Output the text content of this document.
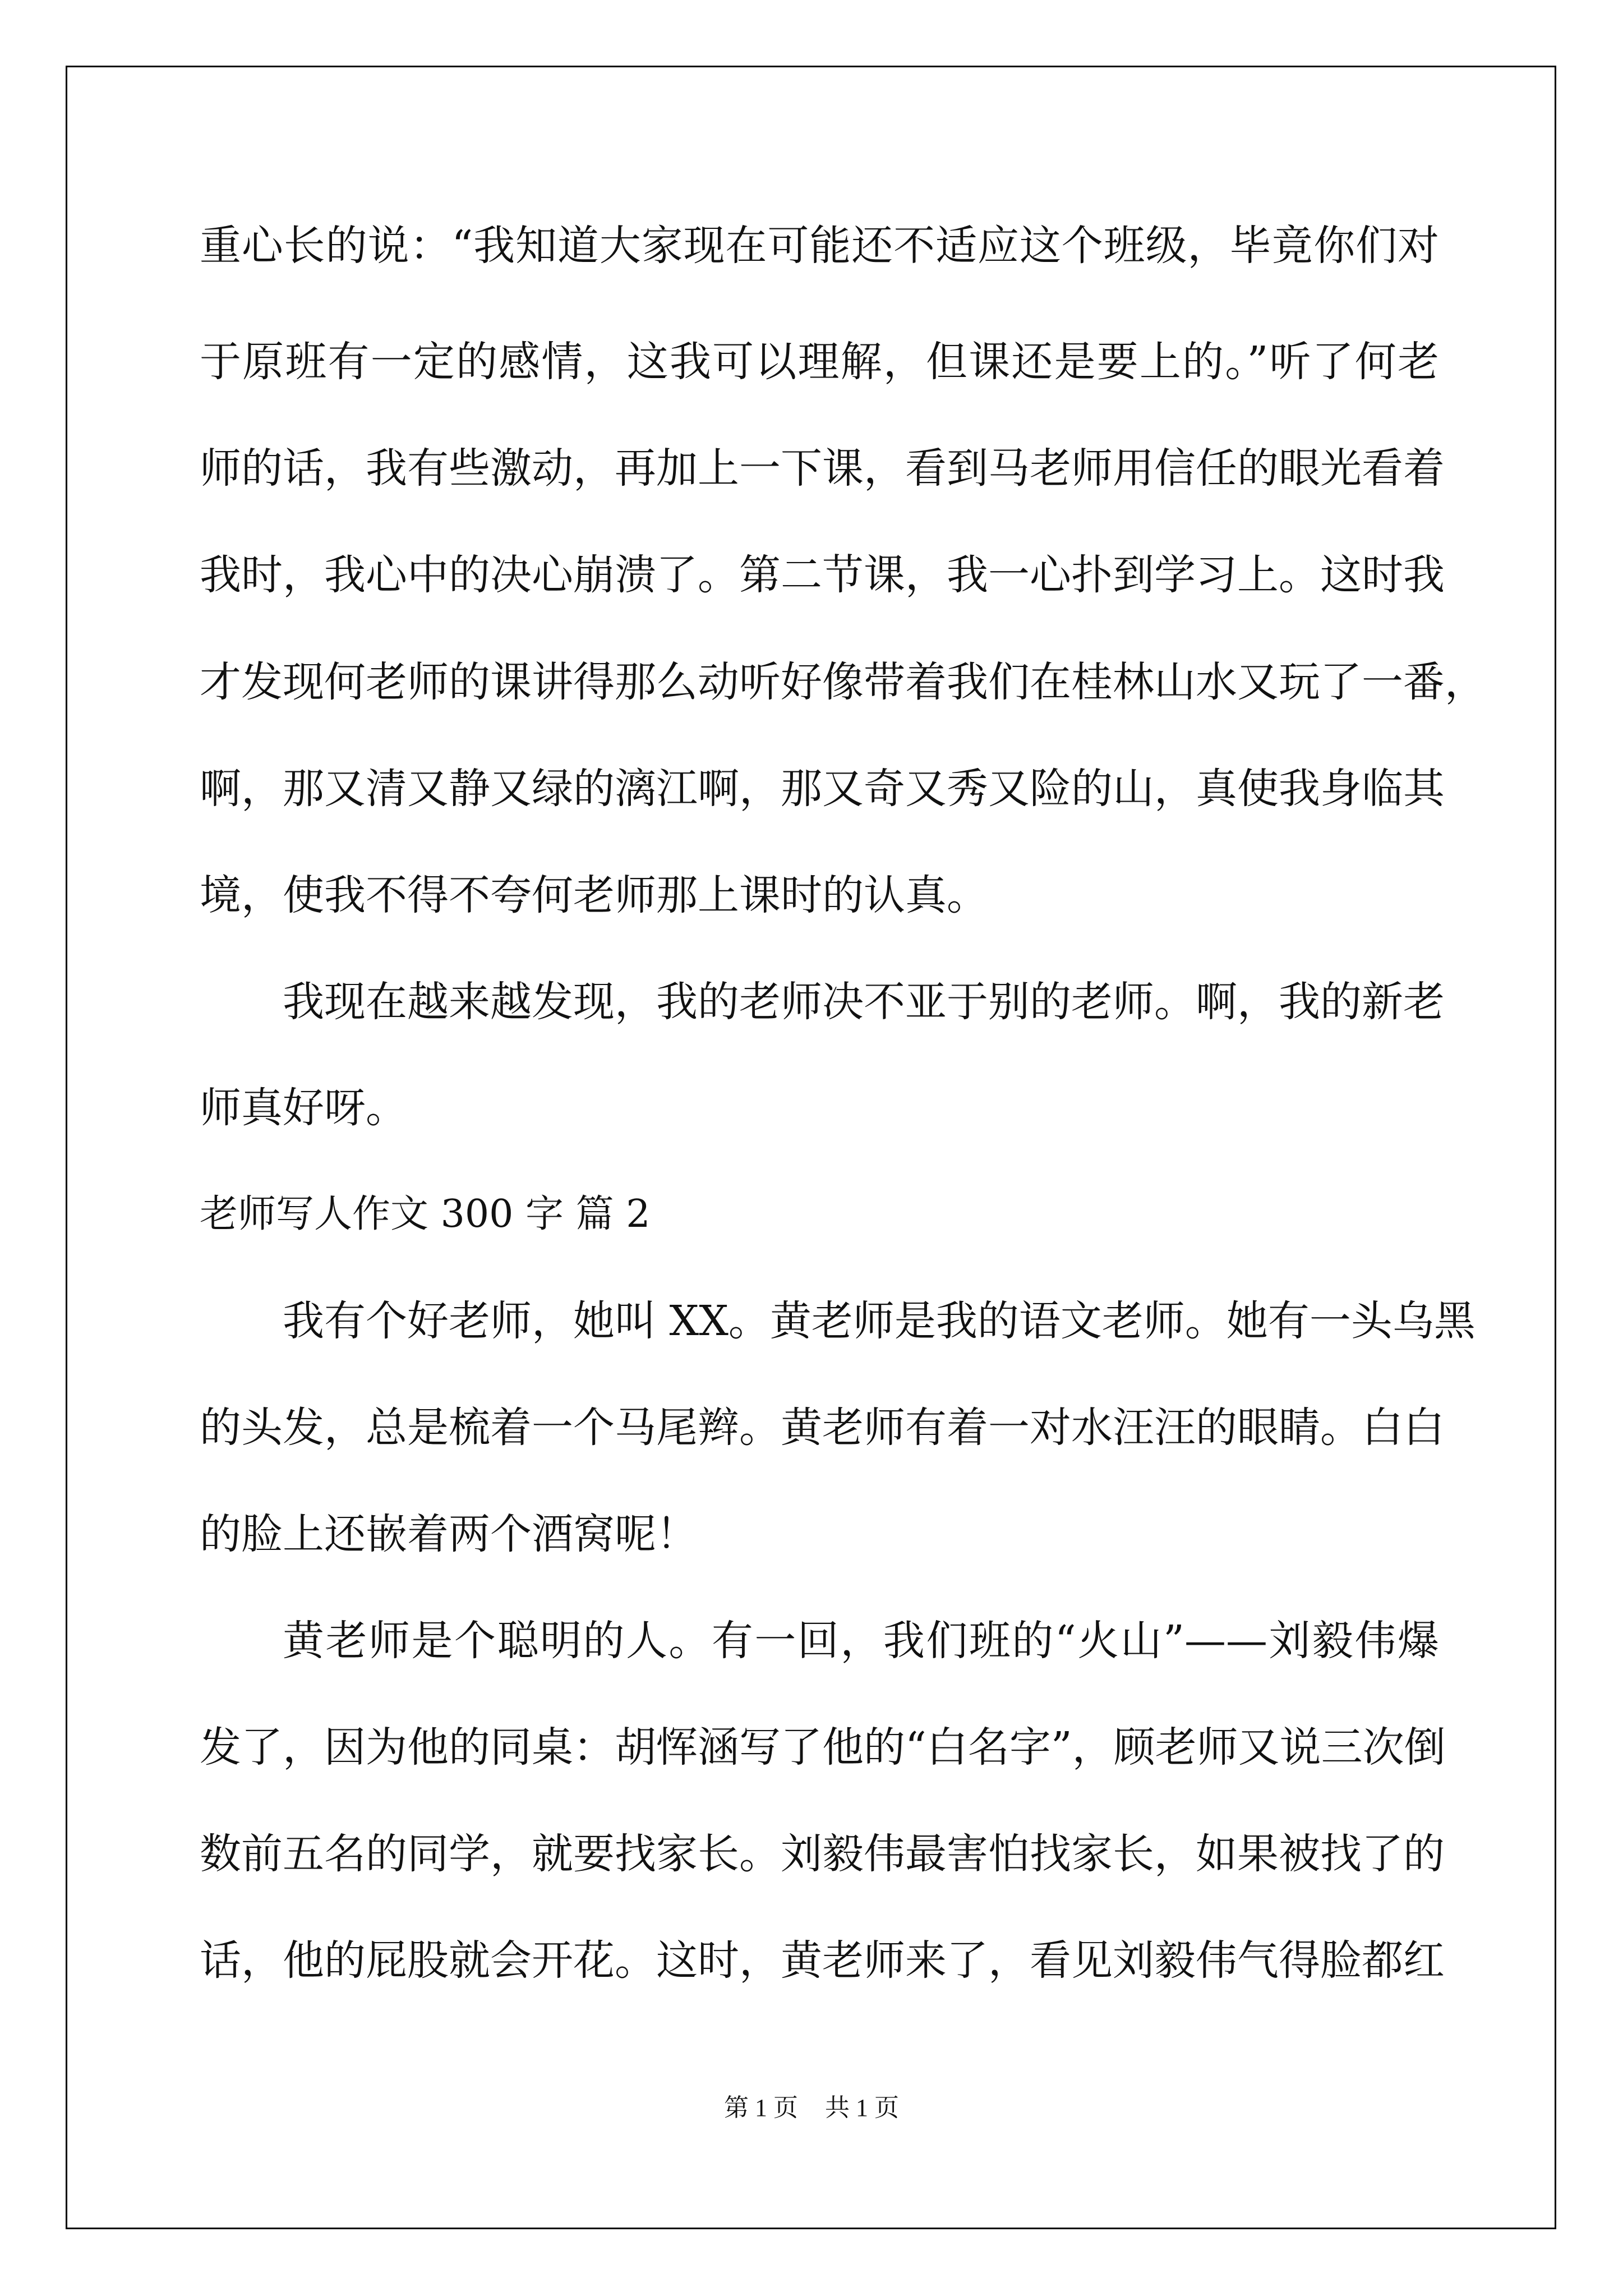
重心长的说：“我知道大家现在可能还不适应这个班级，毕竟你们对
于原班有一定的感情，这我可以理解，但课还是要上的。”听了何老
师的话，我有些激动，再加上一下课，看到马老师用信任的眼光看着
我时，我心中的决心崩溃了。第二节课，我一心扑到学习上。这时我
才发现何老师的课讲得那么动听好像带着我们在桂林山水又玩了一番，
啊，那又清又静又绿的漓江啊，那又奇又秀又险的山，真使我身临其
境，使我不得不夸何老师那上课时的认真。
我现在越来越发现，我的老师决不亚于别的老师。啊，我的新老
师真好呀。
老师写人作文 300 字 篇 2
我有个好老师，她叫 XX。黄老师是我的语文老师。她有一头乌黑
的头发，总是梳着一个马尾辫。黄老师有着一对水汪汪的眼睛。白白
的脸上还嵌着两个酒窝呢！
黄老师是个聪明的人。有一回，我们班的“火山”——刘毅伟爆
发了，因为他的同桌：胡恽涵写了他的“白名字”，顾老师又说三次倒
数前五名的同学，就要找家长。刘毅伟最害怕找家长，如果被找了的
话，他的屁股就会开花。这时，黄老师来了，看见刘毅伟气得脸都红
第 1 页 共 1 页
